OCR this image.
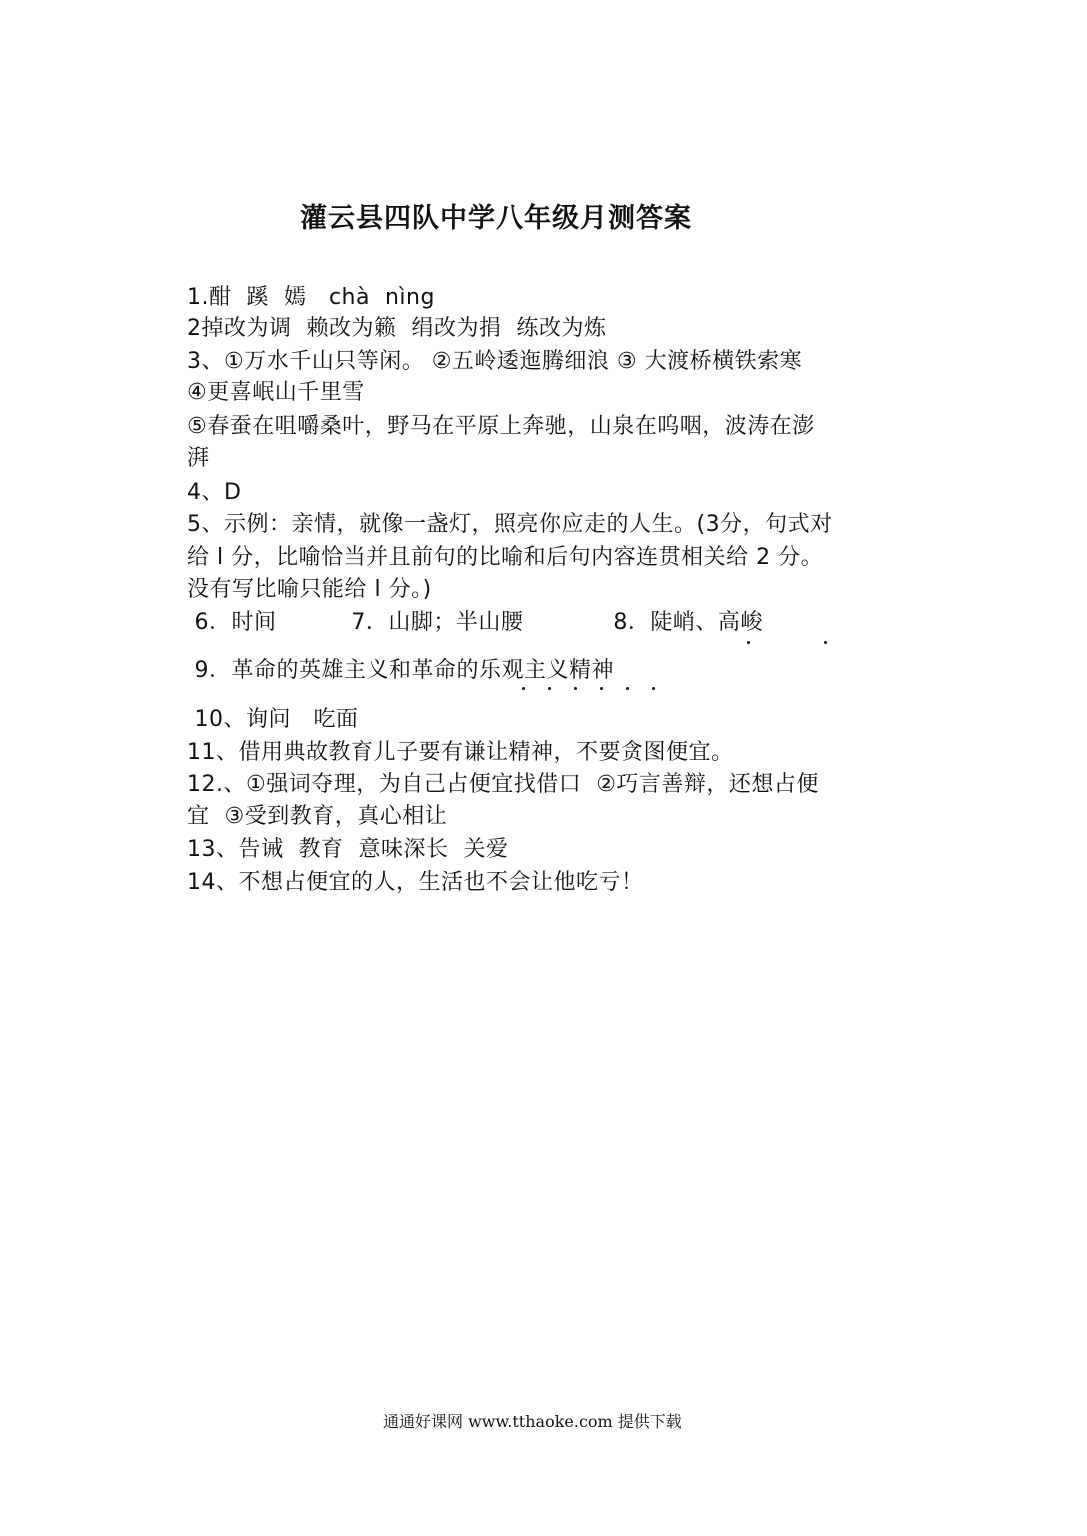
灌云县四队中学八年级月测答案
1.酣  蹊  嫣   chà  nìng
2掉改为调  赖改为籁  绢改为捐  练改为炼
3、①万水千山只等闲。 ②五岭逶迤腾细浪 ③ 大渡桥横铁索寒
④更喜岷山千里雪
⑤春蚕在咀嚼桑叶，野马在平原上奔驰，山泉在呜咽，波涛在澎
湃
4、D
5、示例：亲情，就像一盏灯，照亮你应走的人生。(3分，句式对
给 l 分，比喻恰当并且前句的比喻和后句内容连贯相关给 2 分。
没有写比喻只能给 l 分。)
6．时间          7．山脚；半山腰            8．陡峭、高峻
9．革命的英雄主义和革命的乐观主义精神
10、询问   吃面
11、借用典故教育儿子要有谦让精神，不要贪图便宜。
12.、①强词夺理，为自己占便宜找借口  ②巧言善辩，还想占便
宜  ③受到教育，真心相让
13、告诫  教育  意味深长  关爱
14、不想占便宜的人，生活也不会让他吃亏！
通通好课网 www.tthaoke.com 提供下载
